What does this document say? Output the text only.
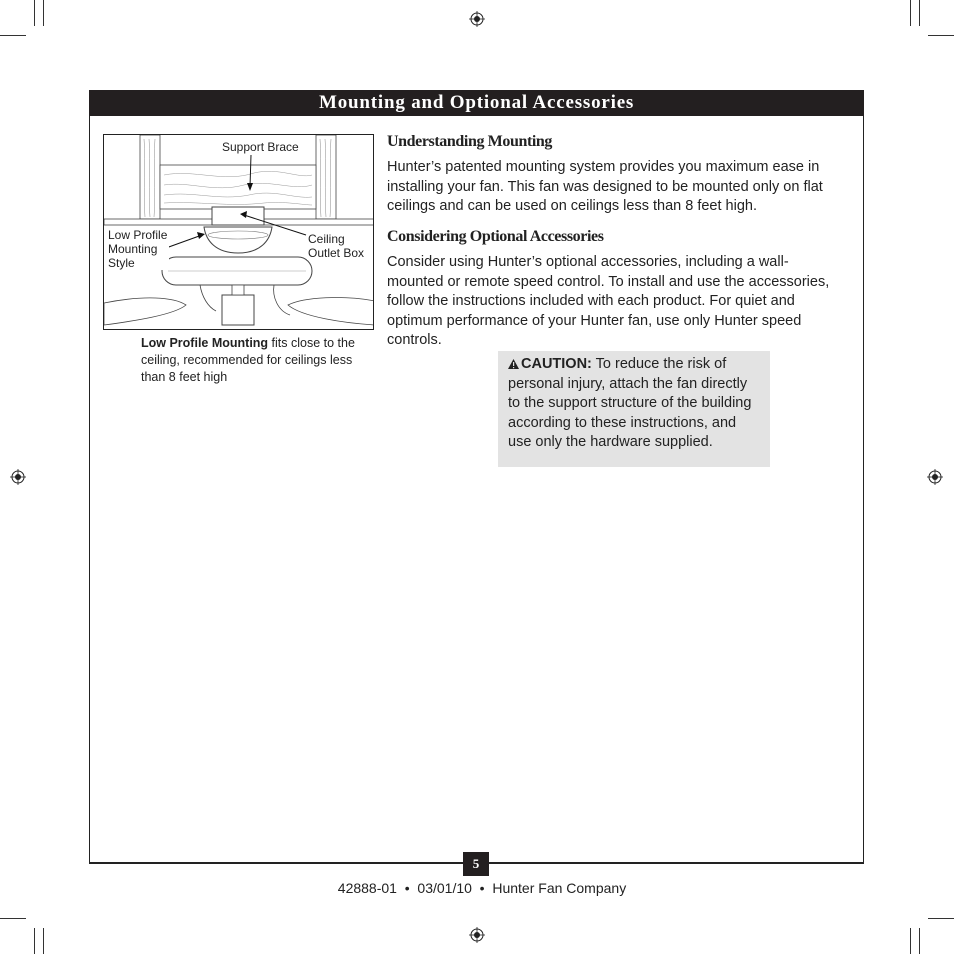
Mounting and Optional Accessories
Support Brace
Low Profile
Mounting
Style
Ceiling
Outlet Box
Low Profile Mounting fits close to the ceiling, recommended for ceilings less than 8 feet high
Understanding Mounting
Hunter’s patented mounting system provides you maximum ease in installing your fan. This fan was designed to be mounted only on flat ceilings and can be used on ceilings less than 8 feet high.
Considering Optional Accessories
Consider using Hunter’s optional accessories, including a wall-mounted or remote speed control. To install and use the accessories, follow the instructions included with each product. For quiet and optimum performance of your Hunter fan, use only Hunter speed controls.
CAUTION: To reduce the risk of personal injury, attach the fan directly to the support structure of the building according to these instructions, and use only the hardware supplied.
5
42888-01  •  03/01/10  •  Hunter Fan Company
